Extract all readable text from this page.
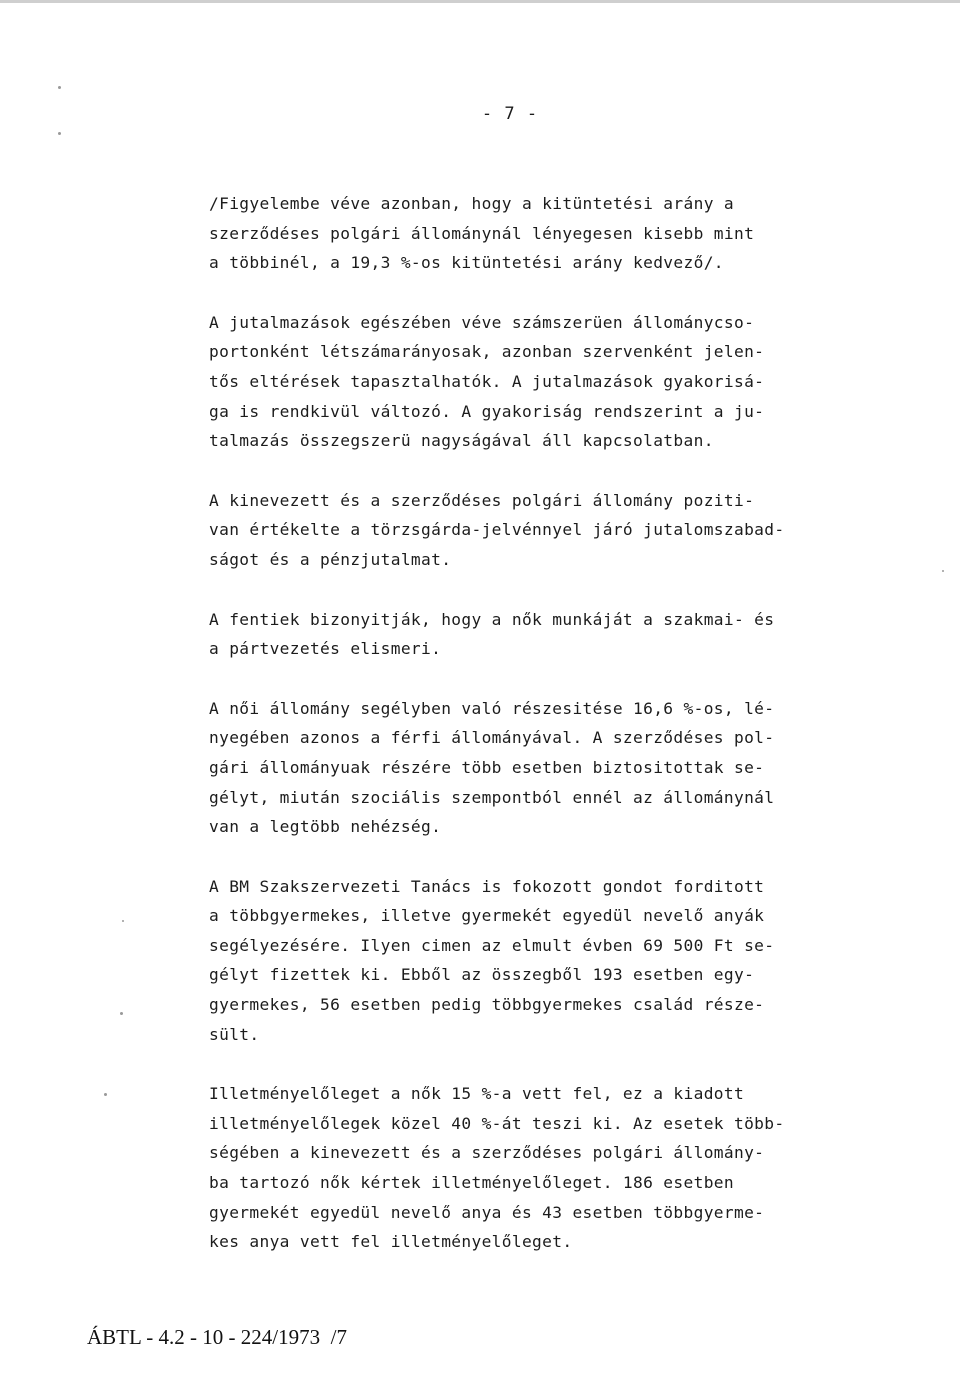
- 7 -
/Figyelembe véve azonban, hogy a kitüntetési arány a
szerződéses polgári állománynál lényegesen kisebb mint
a többinél, a 19,3 %-os kitüntetési arány kedvező/.
A jutalmazások egészében véve számszerüen állománycso-
portonként létszámarányosak, azonban szervenként jelen-
tős eltérések tapasztalhatók. A jutalmazások gyakorisá-
ga is rendkivül változó. A gyakoriság rendszerint a ju-
talmazás összegszerü nagyságával áll kapcsolatban.
A kinevezett és a szerződéses polgári állomány poziti-
van értékelte a törzsgárda-jelvénnyel járó jutalomszabad-
ságot és a pénzjutalmat.
A fentiek bizonyitják, hogy a nők munkáját a szakmai- és
a pártvezetés elismeri.
A női állomány segélyben való részesitése 16,6 %-os, lé-
nyegében azonos a férfi állományával. A szerződéses pol-
gári állományuak részére több esetben biztositottak se-
gélyt, miután szociális szempontból ennél az állománynál
van a legtöbb nehézség.
A BM Szakszervezeti Tanács is fokozott gondot forditott
a többgyermekes, illetve gyermekét egyedül nevelő anyák
segélyezésére. Ilyen cimen az elmult évben 69 500 Ft se-
gélyt fizettek ki. Ebből az összegből 193 esetben egy-
gyermekes, 56 esetben pedig többgyermekes család része-
sült.
Illetményelőleget a nők 15 %-a vett fel, ez a kiadott
illetményelőlegek közel 40 %-át teszi ki. Az esetek több-
ségében a kinevezett és a szerződéses polgári állomány-
ba tartozó nők kértek illetményelőleget. 186 esetben
gyermekét egyedül nevelő anya és 43 esetben többgyerme-
kes anya vett fel illetményelőleget.
ÁBTL - 4.2 - 10 - 224/1973  /7
